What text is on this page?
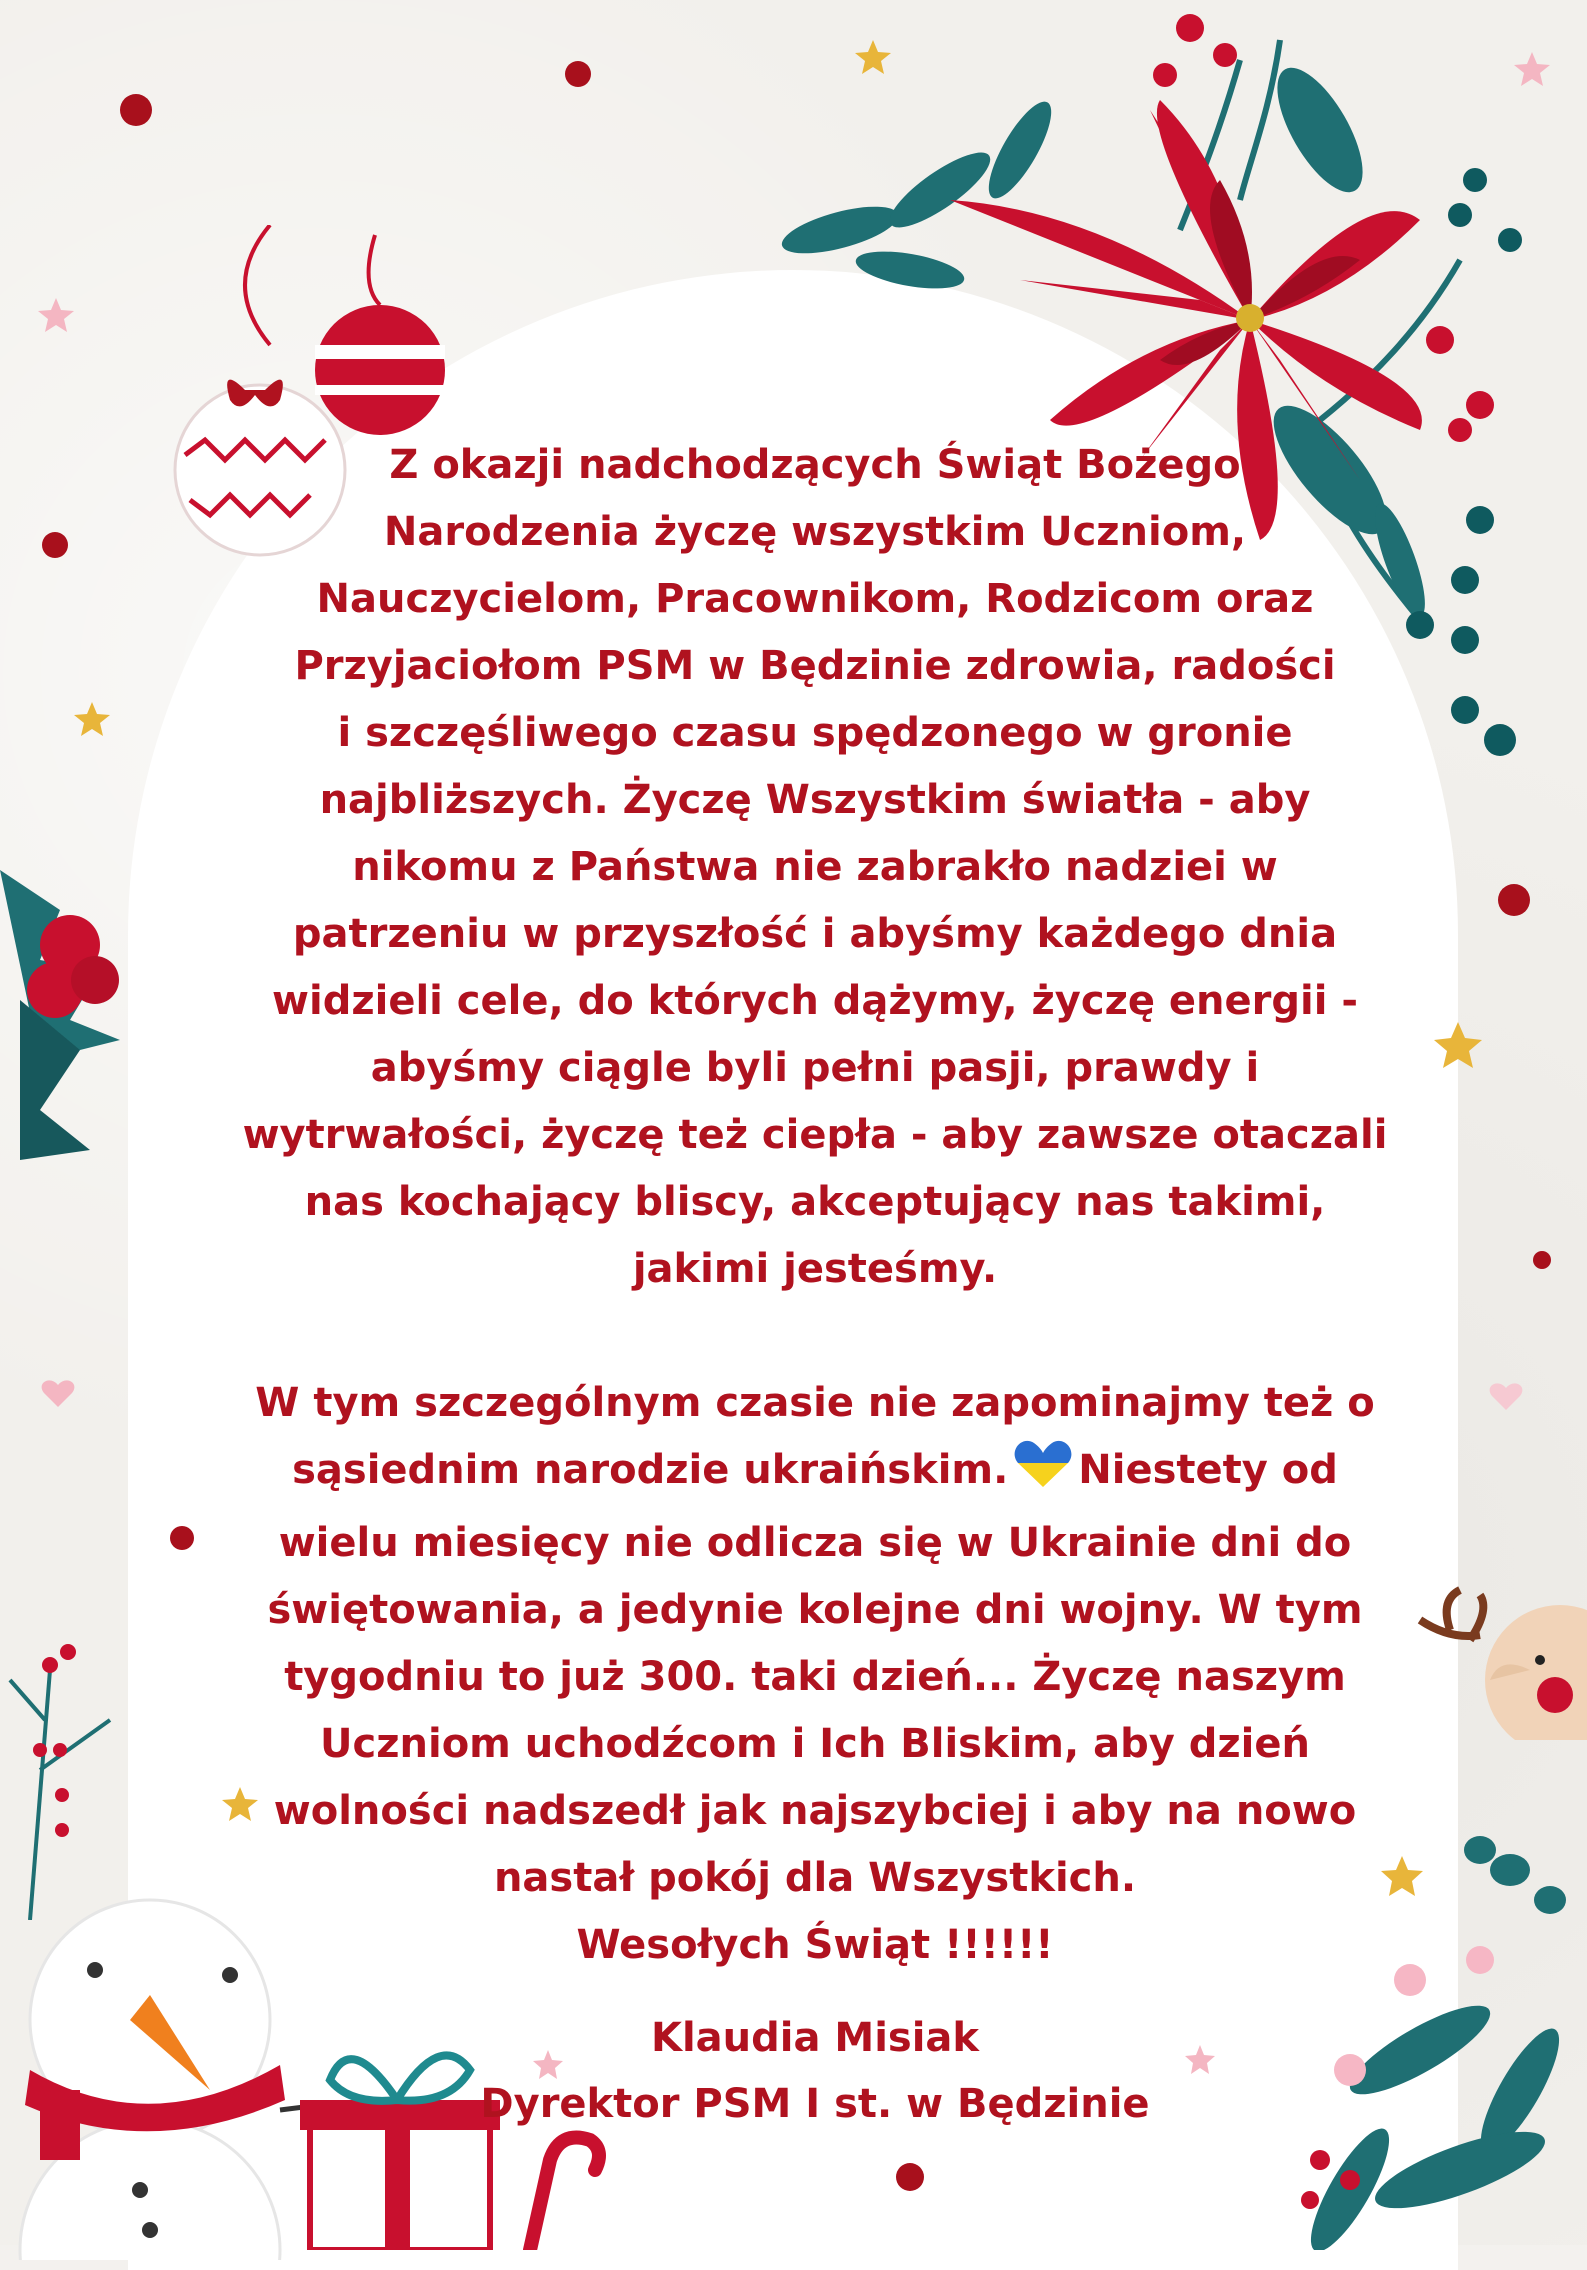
Z okazji nadchodzących Świąt Bożego
Narodzenia życzę wszystkim Uczniom,
Nauczycielom, Pracownikom, Rodzicom oraz
Przyjaciołom PSM w Będzinie zdrowia, radości
i szczęśliwego czasu spędzonego w gronie
najbliższych. Życzę Wszystkim światła - aby
nikomu z Państwa nie zabrakło nadziei w
patrzeniu w przyszłość i abyśmy każdego dnia
widzieli cele, do których dążymy, życzę energii -
abyśmy ciągle byli pełni pasji, prawdy i
wytrwałości, życzę też ciepła - aby zawsze otaczali
nas kochający bliscy, akceptujący nas takimi,
jakimi jesteśmy.

W tym szczególnym czasie nie zapominajmy też o
sąsiednim narodzie ukraińskim. Niestety od
wielu miesięcy nie odlicza się w Ukrainie dni do
świętowania, a jedynie kolejne dni wojny. W tym
tygodniu to już 300. taki dzień... Życzę naszym
Uczniom uchodźcom i Ich Bliskim, aby dzień
wolności nadszedł jak najszybciej i aby na nowo
nastał pokój dla Wszystkich.

Wesołych Świąt !!!!!!

Klaudia Misiak
Dyrektor PSM I st. w Będzinie
